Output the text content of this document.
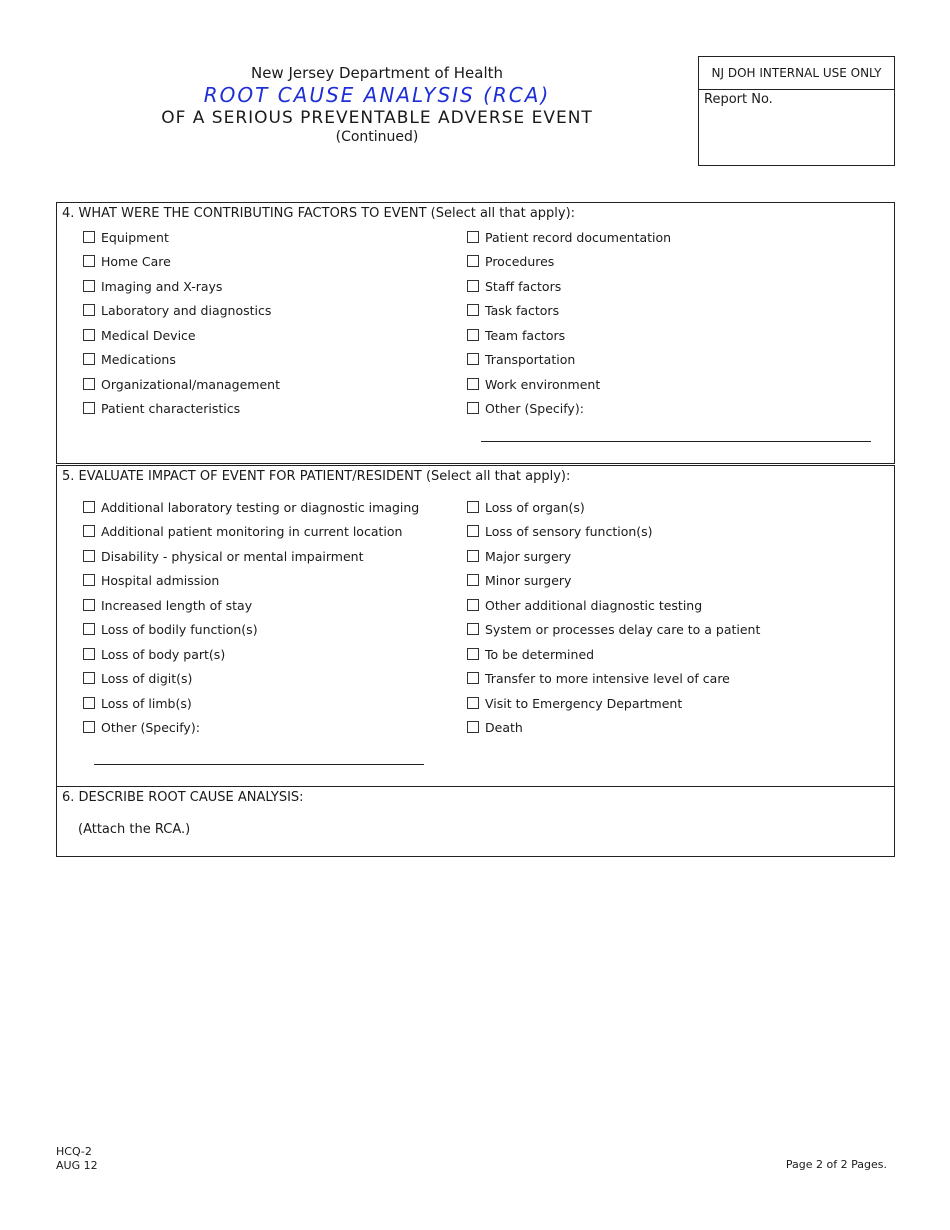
New Jersey Department of Health
ROOT CAUSE ANALYSIS (RCA)
OF A SERIOUS PREVENTABLE ADVERSE EVENT
(Continued)
NJ DOH INTERNAL USE ONLY
Report No.
4. WHAT WERE THE CONTRIBUTING FACTORS TO EVENT (Select all that apply):
Equipment
Home Care
Imaging and X-rays
Laboratory and diagnostics
Medical Device
Medications
Organizational/management
Patient characteristics
Patient record documentation
Procedures
Staff factors
Task factors
Team factors
Transportation
Work environment
Other (Specify):
5. EVALUATE IMPACT OF EVENT FOR PATIENT/RESIDENT (Select all that apply):
Additional laboratory testing or diagnostic imaging
Additional patient monitoring in current location
Disability - physical or mental impairment
Hospital admission
Increased length of stay
Loss of bodily function(s)
Loss of body part(s)
Loss of digit(s)
Loss of limb(s)
Other (Specify):
Loss of organ(s)
Loss of sensory function(s)
Major surgery
Minor surgery
Other additional diagnostic testing
System or processes delay care to a patient
To be determined
Transfer to more intensive level of care
Visit to Emergency Department
Death
6. DESCRIBE ROOT CAUSE ANALYSIS:
(Attach the RCA.)
HCQ-2
AUG 12	Page 2 of 2 Pages.
